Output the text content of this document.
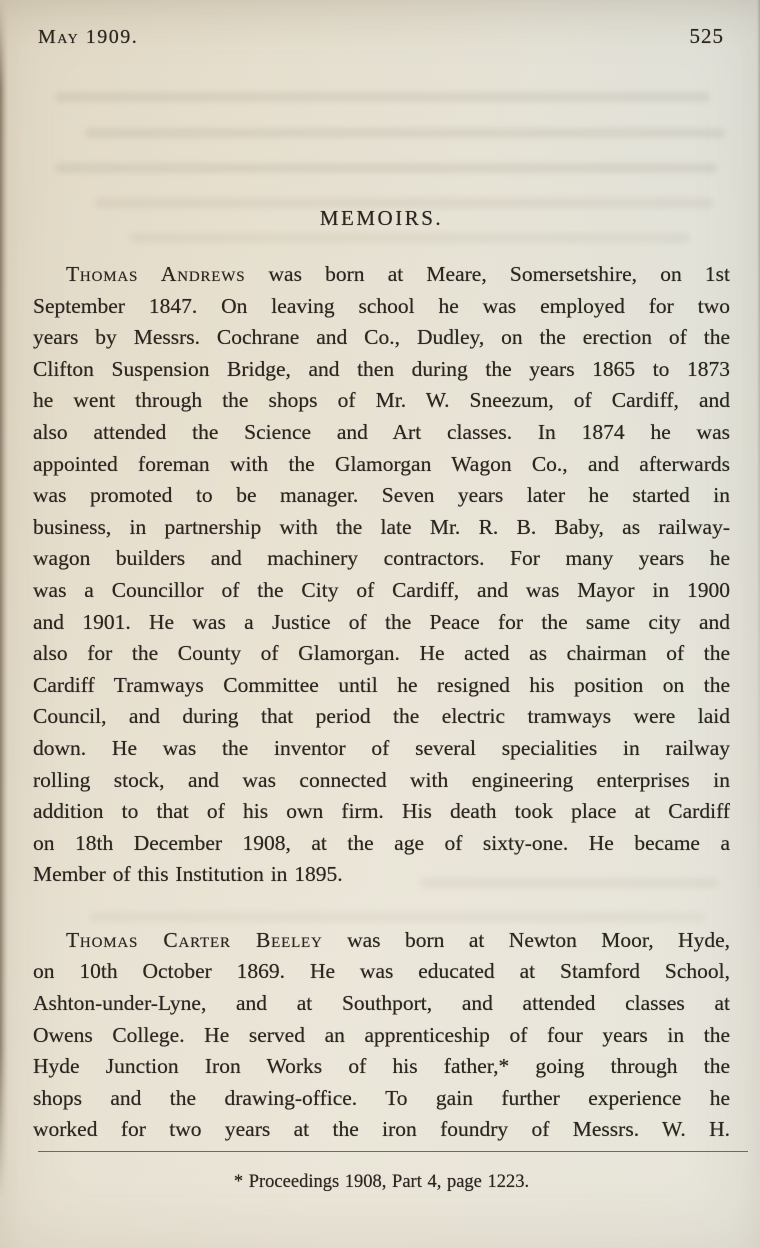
May 1909.	525
MEMOIRS.
Thomas Andrews was born at Meare, Somersetshire, on 1st
September 1847. On leaving school he was employed for two
years by Messrs. Cochrane and Co., Dudley, on the erection of the
Clifton Suspension Bridge, and then during the years 1865 to 1873
he went through the shops of Mr. W. Sneezum, of Cardiff, and
also attended the Science and Art classes. In 1874 he was
appointed foreman with the Glamorgan Wagon Co., and afterwards
was promoted to be manager. Seven years later he started in
business, in partnership with the late Mr. R. B. Baby, as railway-
wagon builders and machinery contractors. For many years he
was a Councillor of the City of Cardiff, and was Mayor in 1900
and 1901. He was a Justice of the Peace for the same city and
also for the County of Glamorgan. He acted as chairman of the
Cardiff Tramways Committee until he resigned his position on the
Council, and during that period the electric tramways were laid
down. He was the inventor of several specialities in railway
rolling stock, and was connected with engineering enterprises in
addition to that of his own firm. His death took place at Cardiff
on 18th December 1908, at the age of sixty-one. He became a
Member of this Institution in 1895.
Thomas Carter Beeley was born at Newton Moor, Hyde,
on 10th October 1869. He was educated at Stamford School,
Ashton-under-Lyne, and at Southport, and attended classes at
Owens College. He served an apprenticeship of four years in the
Hyde Junction Iron Works of his father,* going through the
shops and the drawing-office. To gain further experience he
worked for two years at the iron foundry of Messrs. W. H.
* Proceedings 1908, Part 4, page 1223.
